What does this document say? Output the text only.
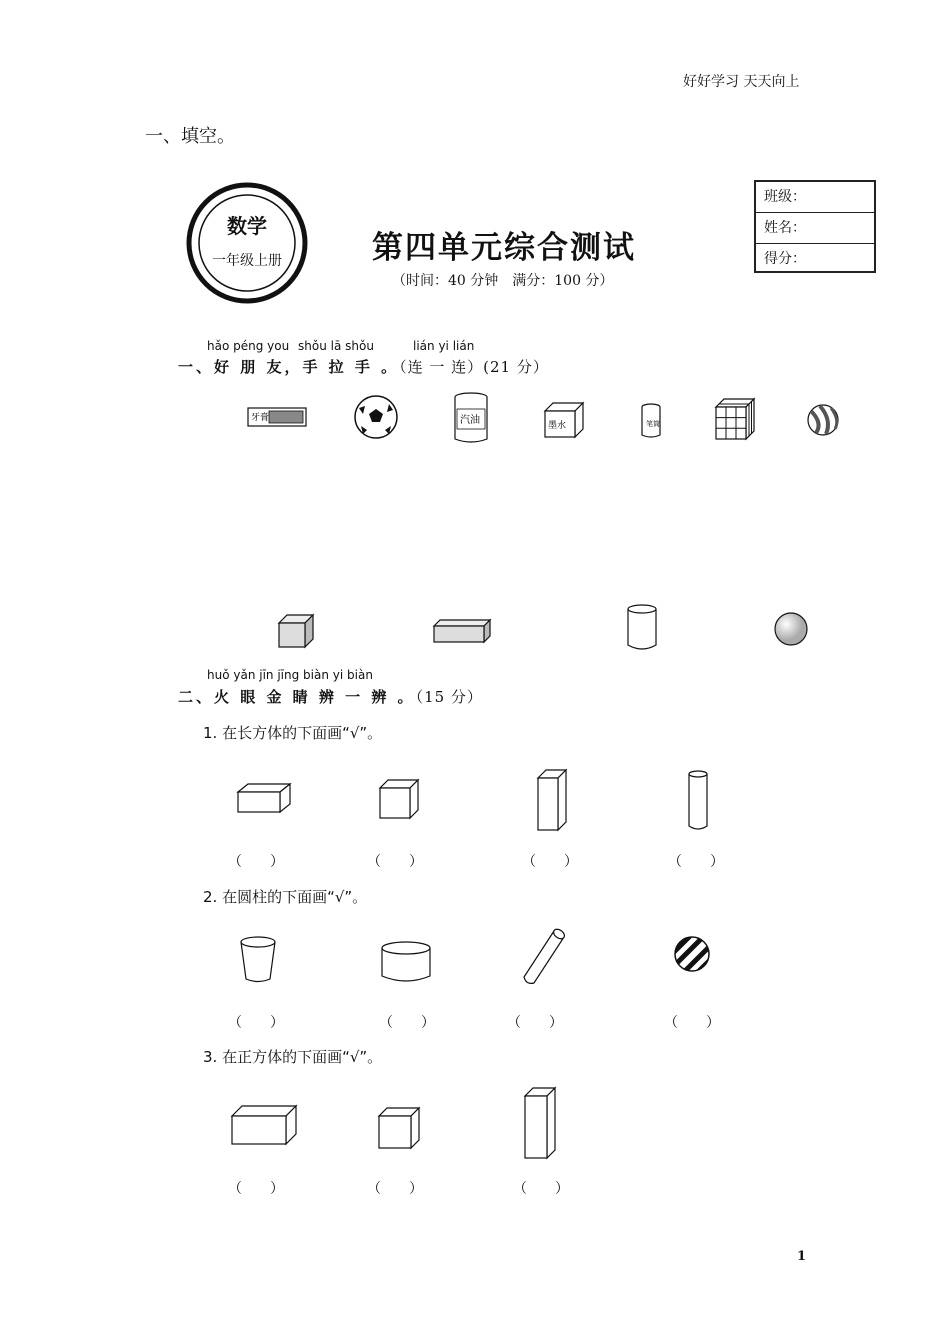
好好学习 天天向上
一、填空。
数学
一年级上册	第四单元综合测试
（时间：40 分钟　满分：100 分）
班级：
姓名：
得分：
hǎo péng you shǒu lā shǒu	lián yi lián
一、好 朋 友，手 拉 手 。（连 一 连）(21 分）
牙膏	汽油	墨水	笔筒
huǒ yǎn jīn jīng biàn yi biàn
二、火 眼 金 睛 辨 一 辨 。（15 分）
1. 在长方体的下面画“√”。
（　　）	（　　）	（　　）	（　　）
2. 在圆柱的下面画“√”。
（　　）	（　　）	（　　）	（　　）
3. 在正方体的下面画“√”。
（　　）	（　　）	（　　）
1
